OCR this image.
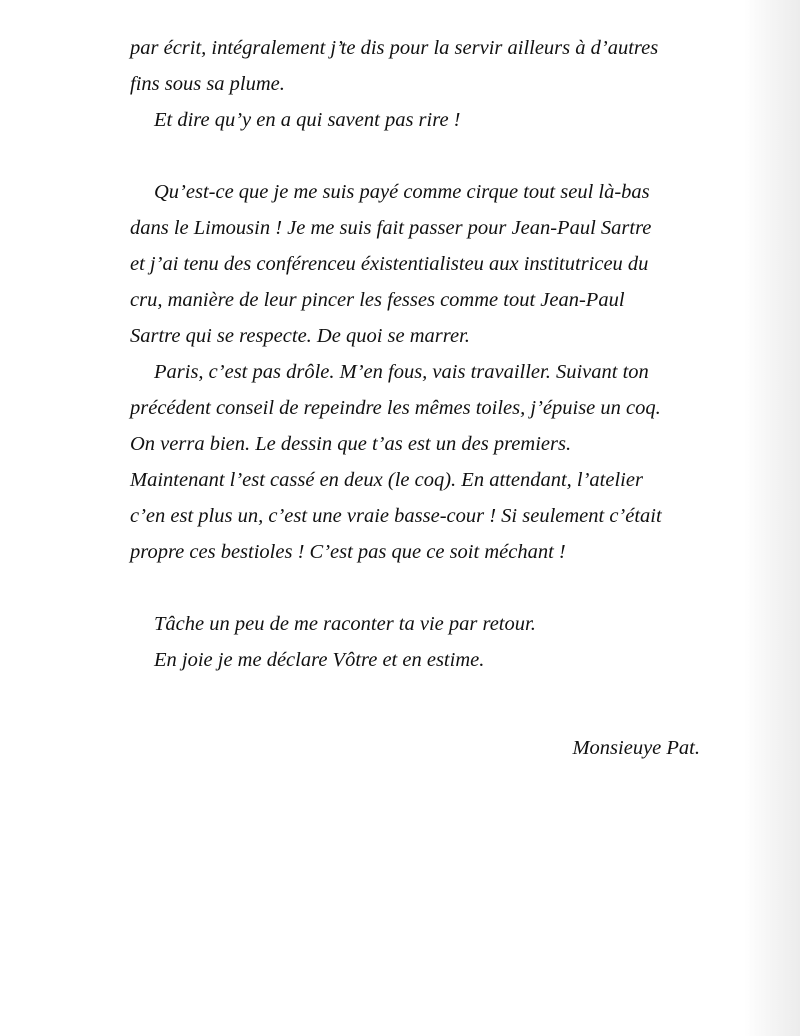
par écrit, intégralement j’te dis pour la servir ailleurs à d’autres
fins sous sa plume.
Et dire qu’y en a qui savent pas rire !
Qu’est-ce que je me suis payé comme cirque tout seul là-bas
dans le Limousin ! Je me suis fait passer pour Jean-Paul Sartre
et j’ai tenu des conférenceu éxistentialisteu aux institutriceu du
cru, manière de leur pincer les fesses comme tout Jean-Paul
Sartre qui se respecte. De quoi se marrer.
Paris, c’est pas drôle. M’en fous, vais travailler. Suivant ton
précédent conseil de repeindre les mêmes toiles, j’épuise un coq.
On verra bien. Le dessin que t’as est un des premiers.
Maintenant l’est cassé en deux (le coq). En attendant, l’atelier
c’en est plus un, c’est une vraie basse-cour ! Si seulement c’était
propre ces bestioles ! C’est pas que ce soit méchant !
Tâche un peu de me raconter ta vie par retour.
En joie je me déclare Vôtre et en estime.
Monsieuye Pat.
